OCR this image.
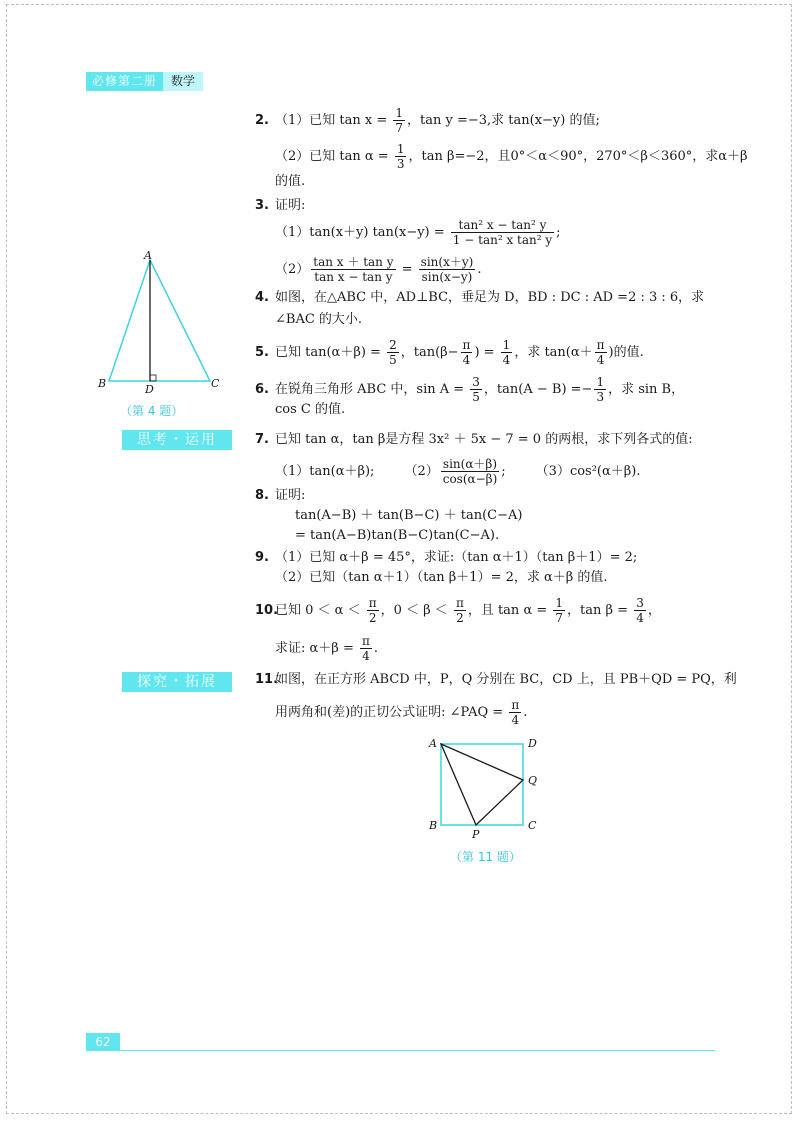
必修第二册	数学
A
B	D	C
（第 4 题）
思考・运用
探究・拓展
2. （1）已知 $\tan x = \frac{1}{7}$ ，tan y =−3,求 tan(x−y) 的值;
（2）已知 $\tan \alpha = \frac{1}{3}$ ，tan β=−2，且0°＜α＜90°，270°＜β＜360°，求α＋β
的值.
3. 证明:
（1）tan(x＋y) $\tan(x-y) = \frac{\text{tan² x − tan² y}}{\text{1 − tan² x tan² y}}$ ;
$(2) \frac{\text{tan x ＋ tan y}}{\text{tan x − tan y}} = \frac{\sin(x+y)}{\sin(x-y)}$ .
4. 如图，在△ABC 中，AD⊥BC，垂足为 D，BD : DC : AD =2 : 3 : 6，求
∠BAC 的大小.
5. 已知 $\tan(\alpha+\beta) = \frac{2}{5}$ ，$\tan(\beta- \frac{\pi}{4}$ ) = $\frac{1}{4}$ ，求 $\tan(\alpha+ \frac{\pi}{4}$ )的值.
6. 在锐角三角形 ABC 中，$\sin A = \frac{3}{5}$ ，$\tan(A - B) =- \frac{1}{3}$ ，求 sin B，
cos C 的值.
7. 已知 tan α，tan β是方程 3x² ＋ 5x − 7 = 0 的两根，求下列各式的值:
（1）tan(α＋β); $(2) \frac{\sin(\alpha+\beta)}{\cos(\alpha-\beta)}$ ; （3）cos²(α＋β).
8. 证明:
tan(A−B) ＋ tan(B−C) ＋ tan(C−A)
= tan(A−B)tan(B−C)tan(C−A).
9. （1）已知 α＋β = 45°，求证:（tan α＋1）（tan β＋1）= 2;
（2）已知（tan α＋1）（tan β＋1）= 2，求 α＋β 的值.
10.已知 $0 < \alpha < \frac{\pi}{2}$ ，$0 < \beta < \frac{\pi}{2}$ ，且 $\tan \alpha = \frac{1}{7}$ ，$\tan \beta = \frac{3}{4}$ ，
求证: $\alpha+\beta = \frac{\pi}{4}$ .
11.如图，在正方形 ABCD 中，P，Q 分别在 BC，CD 上，且 PB＋QD = PQ，利
用两角和(差)的正切公式证明: ∠PAQ = $\frac{\pi}{4}$ .
A	D
Q
B
P
C
（第 11 题）
62
